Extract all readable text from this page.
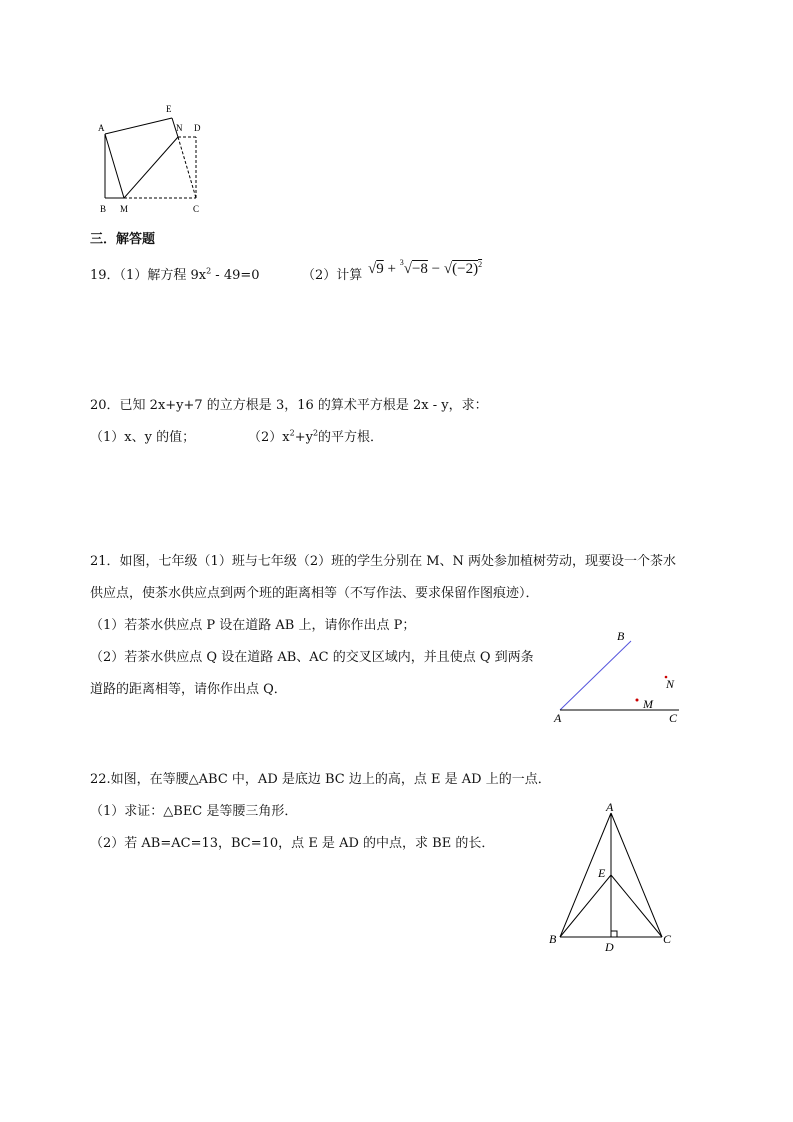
A
E
N D
B M	C
三．解答题
19．（1）解方程 $9x^2 - 49=0$	（2）计算 $√9 + ^3√-8 - √(-2)^2$
20．已知 2x+y+7 的立方根是 3，16 的算术平方根是 2x - y，求：
（1）x、y 的值；	$(2)x^2+y^2$的平方根．
21．如图，七年级（1）班与七年级（2）班的学生分别在 M、N 两处参加植树劳动，现要设一个茶水
供应点，使茶水供应点到两个班的距离相等（不写作法、要求保留作图痕迹）．
（1）若茶水供应点 P 设在道路 AB 上，请你作出点 P；
（2）若茶水供应点 Q 设在道路 AB、AC 的交叉区域内，并且使点 Q 到两条
道路的距离相等，请你作出点 Q．
B
N
M
A	C
22.如图，在等腰△ABC 中，AD 是底边 BC 边上的高，点 E 是 AD 上的一点．
（1）求证：△BEC 是等腰三角形．
（2）若 AB=AC=13，BC=10，点 E 是 AD 的中点，求 BE 的长．
A
E
B
D
C
